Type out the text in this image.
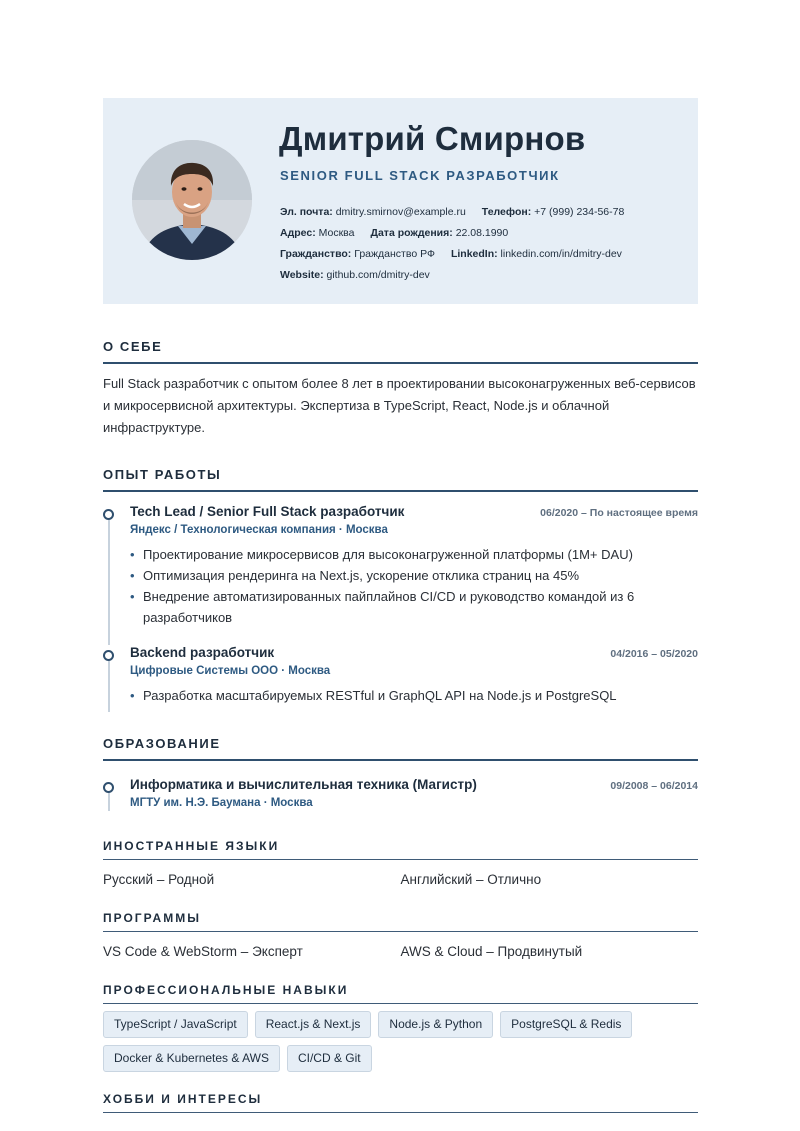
Дмитрий Смирнов
SENIOR FULL STACK РАЗРАБОТЧИК
Эл. почта: dmitry.smirnov@example.ru Телефон: +7 (999) 234-56-78
Адрес: Москва Дата рождения: 22.08.1990
Гражданство: Гражданство РФ LinkedIn: linkedin.com/in/dmitry-dev
Website: github.com/dmitry-dev
О СЕБЕ
Full Stack разработчик с опытом более 8 лет в проектировании высоконагруженных веб-сервисов и микросервисной архитектуры. Экспертиза в TypeScript, React, Node.js и облачной инфраструктуре.
ОПЫТ РАБОТЫ
Tech Lead / Senior Full Stack разработчик	06/2020 – По настоящее время
Яндекс / Технологическая компания · Москва
• Проектирование микросервисов для высоконагруженной платформы (1M+ DAU)
• Оптимизация рендеринга на Next.js, ускорение отклика страниц на 45%
• Внедрение автоматизированных пайплайнов CI/CD и руководство командой из 6 разработчиков
Backend разработчик	04/2016 – 05/2020
Цифровые Системы ООО · Москва
• Разработка масштабируемых RESTful и GraphQL API на Node.js и PostgreSQL
ОБРАЗОВАНИЕ
Информатика и вычислительная техника (Магистр)	09/2008 – 06/2014
МГТУ им. Н.Э. Баумана · Москва
ИНОСТРАННЫЕ ЯЗЫКИ
Русский – Родной	Английский – Отлично
ПРОГРАММЫ
VS Code & WebStorm – Эксперт	AWS & Cloud – Продвинутый
ПРОФЕССИОНАЛЬНЫЕ НАВЫКИ
TypeScript / JavaScript	React.js & Next.js	Node.js & Python	PostgreSQL & Redis
Docker & Kubernetes & AWS	CI/CD & Git
ХОББИ И ИНТЕРЕСЫ
